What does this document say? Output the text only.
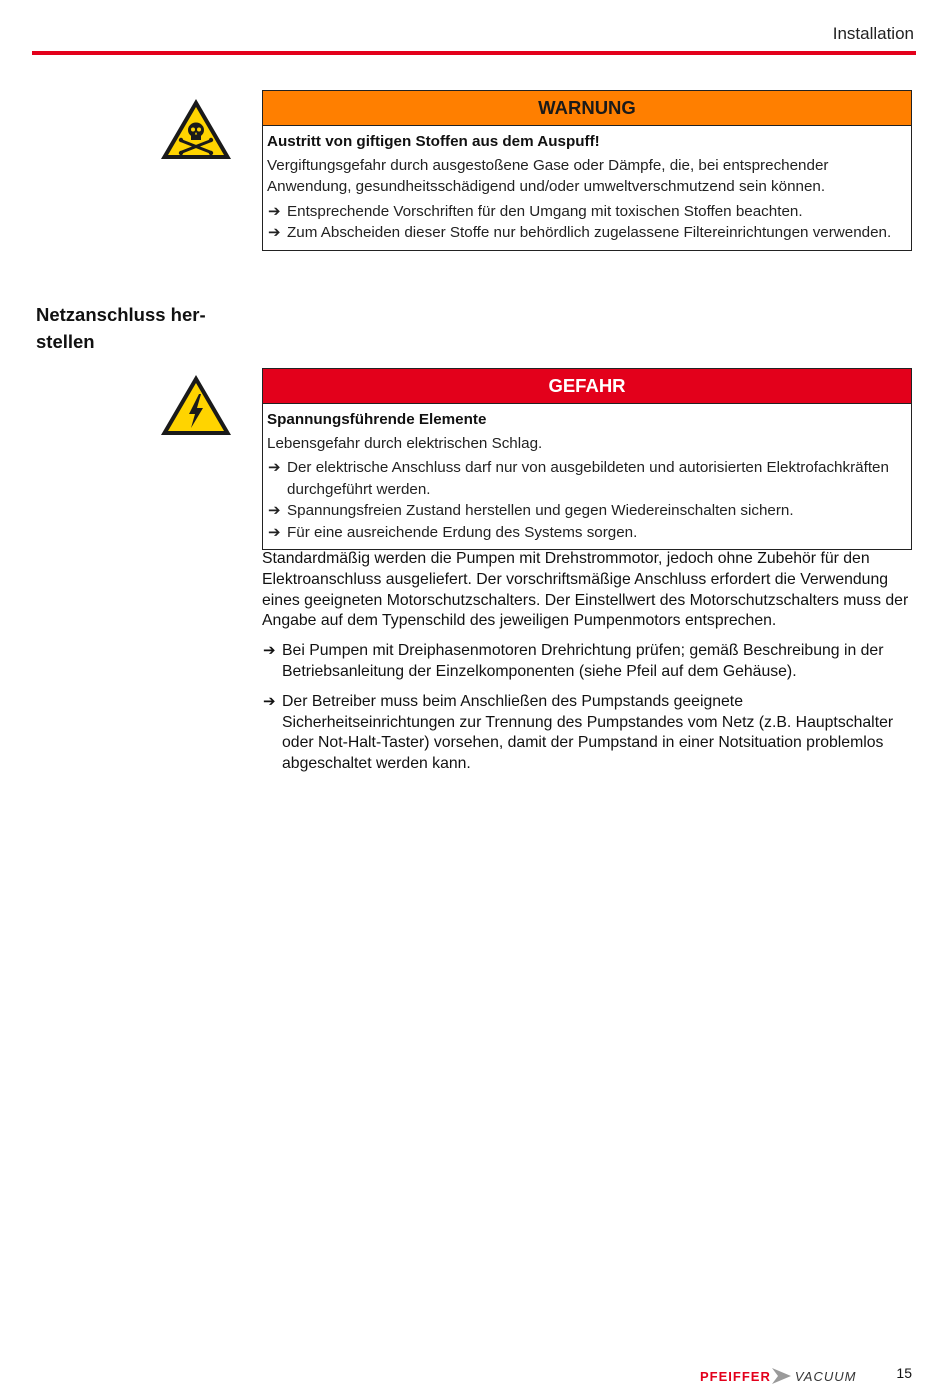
Installation
WARNUNG
Austritt von giftigen Stoffen aus dem Auspuff!
Vergiftungsgefahr durch ausgestoßene Gase oder Dämpfe, die, bei entsprechender Anwendung, gesundheitsschädigend und/oder umweltverschmutzend sein können.
➔ Entsprechende Vorschriften für den Umgang mit toxischen Stoffen beachten.
➔ Zum Abscheiden dieser Stoffe nur behördlich zugelassene Filtereinrichtungen verwenden.
Netzanschluss her-
stellen
GEFAHR
Spannungsführende Elemente
Lebensgefahr durch elektrischen Schlag.
➔ Der elektrische Anschluss darf nur von ausgebildeten und autorisierten Elektrofachkräften durchgeführt werden.
➔ Spannungsfreien Zustand herstellen und gegen Wiedereinschalten sichern.
➔ Für eine ausreichende Erdung des Systems sorgen.

Standardmäßig werden die Pumpen mit Drehstrommotor, jedoch ohne Zubehör für den Elektroanschluss ausgeliefert. Der vorschriftsmäßige Anschluss erfordert die Verwendung eines geeigneten Motorschutzschalters. Der Einstellwert des Motorschutzschalters muss der Angabe auf dem Typenschild des jeweiligen Pumpenmotors entsprechen.

➔ Bei Pumpen mit Dreiphasenmotoren Drehrichtung prüfen; gemäß Beschreibung in der Betriebsanleitung der Einzelkomponenten (siehe Pfeil auf dem Gehäuse).
➔ Der Betreiber muss beim Anschließen des Pumpstands geeignete Sicherheitseinrichtungen zur Trennung des Pumpstandes vom Netz (z.B. Hauptschalter oder Not-Halt-Taster) vorsehen, damit der Pumpstand in einer Notsituation problemlos abgeschaltet werden kann.
PFEIFFER VACUUM	15
